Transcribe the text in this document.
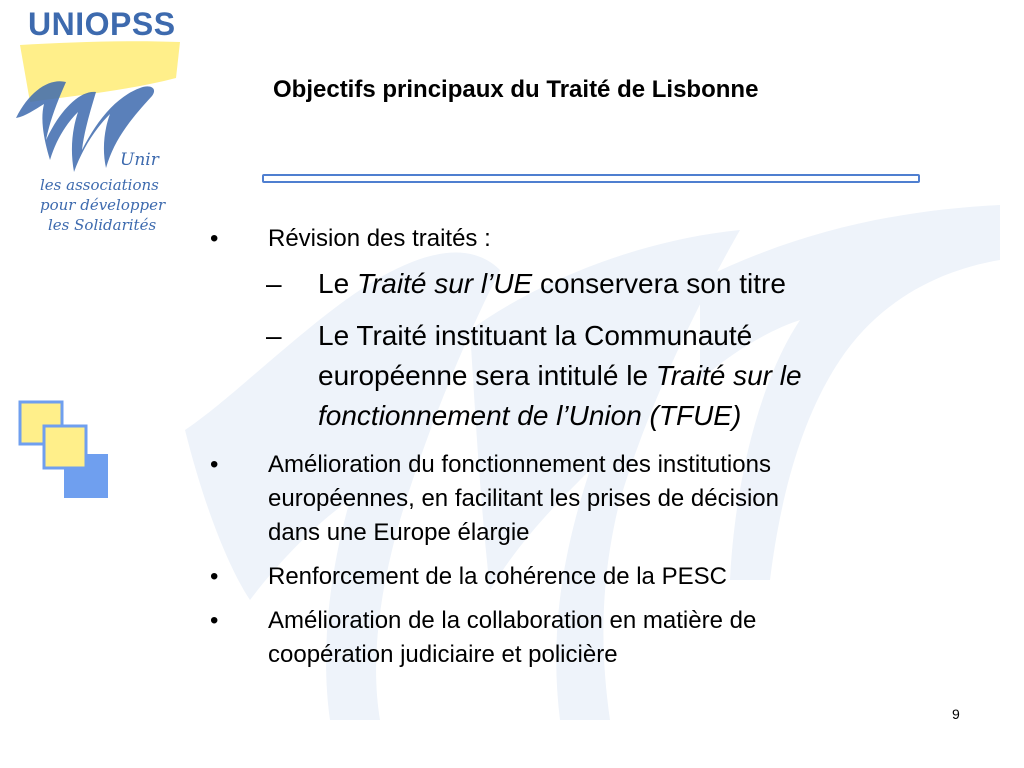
Unir
les associations
pour développer
les Solidarités
UNIOPSS
Objectifs principaux du Traité de Lisbonne
• Révision des traités :
– Le Traité sur l’UE conservera son titre
– Le Traité instituant la Communauté
européenne sera intitulé le Traité sur le
fonctionnement de l’Union (TFUE)
• Amélioration du fonctionnement des institutions
européennes, en facilitant les prises de décision
dans une Europe élargie
• Renforcement de la cohérence de la PESC
• Amélioration de la collaboration en matière de
coopération judiciaire et policière
9
